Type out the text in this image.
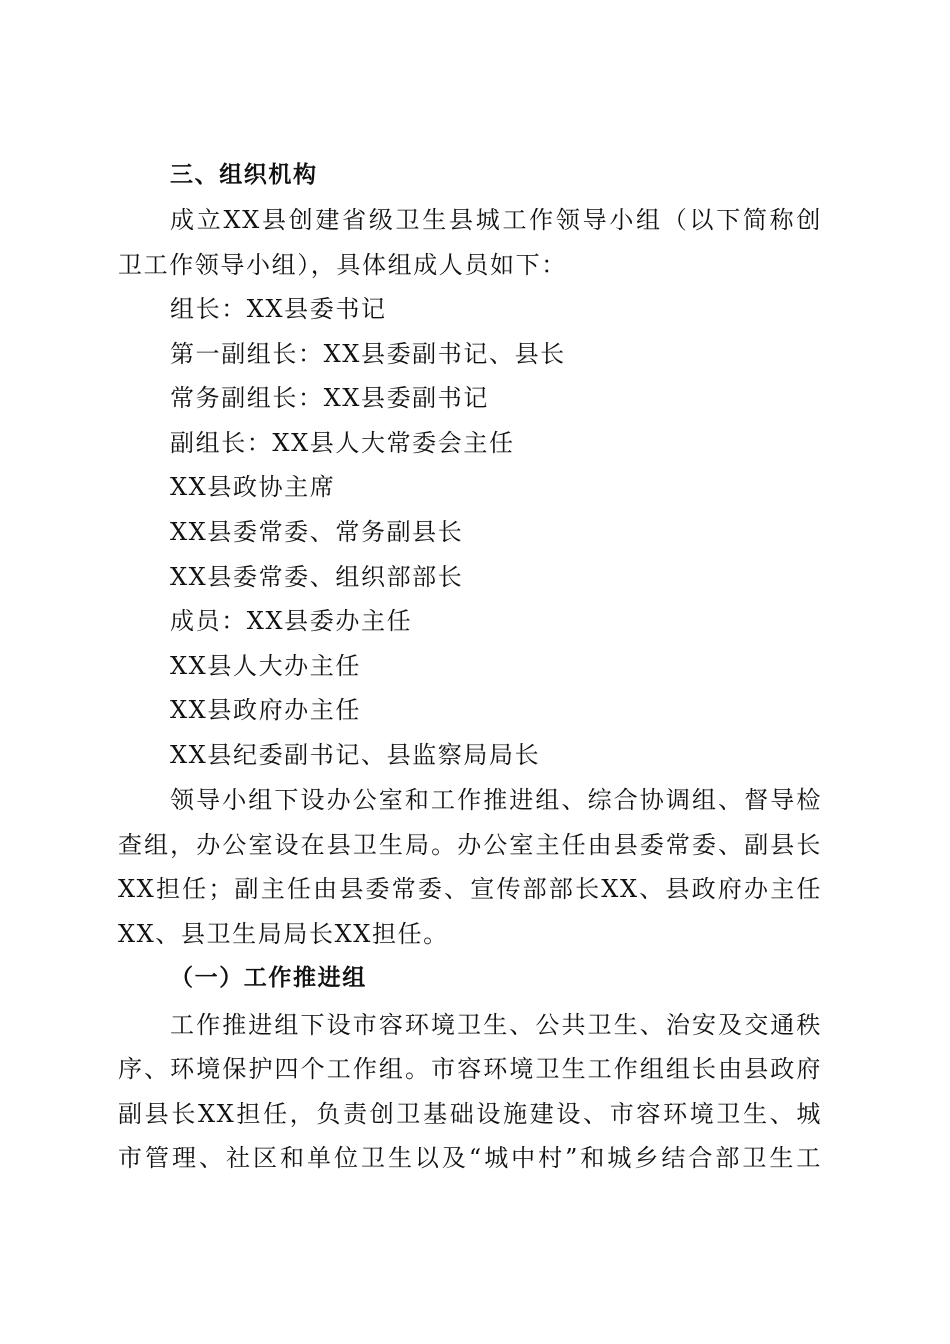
三、组织机构
成立XX县创建省级卫生县城工作领导小组（以下简称创
卫工作领导小组），具体组成人员如下：
组长：XX县委书记
第一副组长：XX县委副书记、县长
常务副组长：XX县委副书记
副组长：XX县人大常委会主任
XX县政协主席
XX县委常委、常务副县长
XX县委常委、组织部部长
成员：XX县委办主任
XX县人大办主任
XX县政府办主任
XX县纪委副书记、县监察局局长
领导小组下设办公室和工作推进组、综合协调组、督导检
查组，办公室设在县卫生局。办公室主任由县委常委、副县长
XX担任；副主任由县委常委、宣传部部长XX、县政府办主任
XX、县卫生局局长XX担任。
（一）工作推进组
工作推进组下设市容环境卫生、公共卫生、治安及交通秩
序、环境保护四个工作组。市容环境卫生工作组组长由县政府
副县长XX担任，负责创卫基础设施建设、市容环境卫生、城
市管理、社区和单位卫生以及“城中村”和城乡结合部卫生工
